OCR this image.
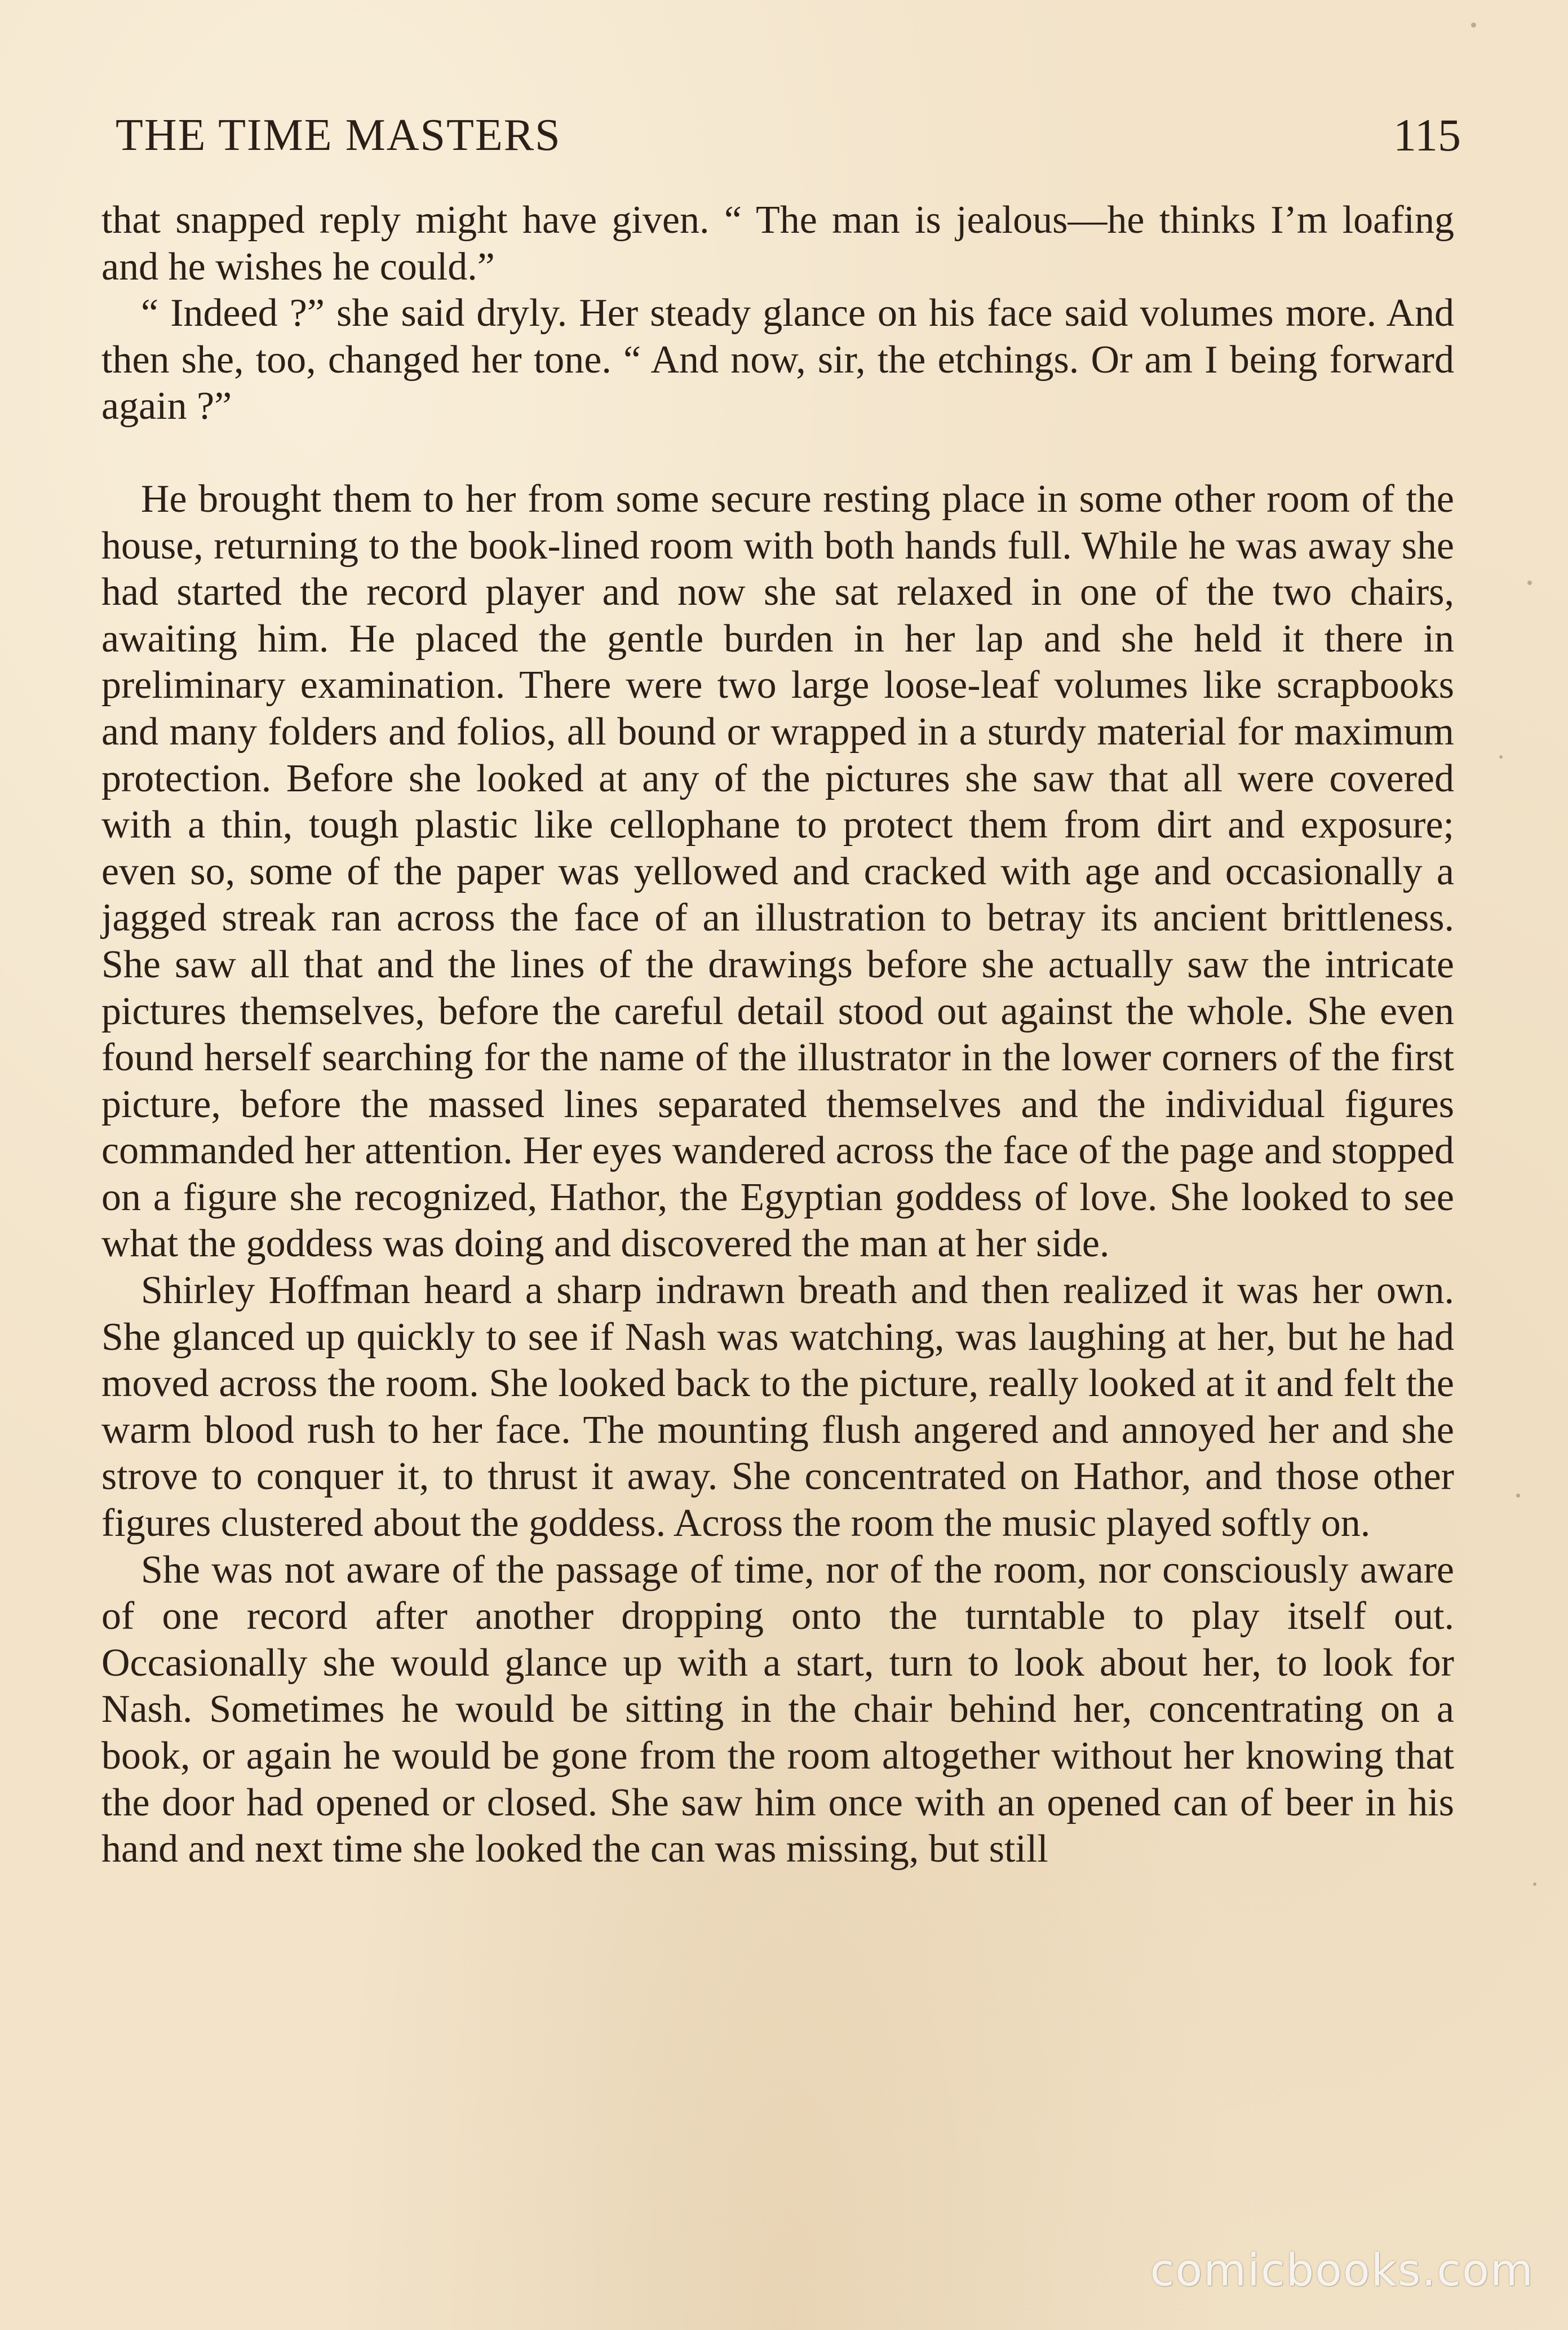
THE TIME MASTERS	115

that snapped reply might have given. “ The man is jealous—he thinks I’m loafing and he wishes he could.”

“ Indeed ?” she said dryly. Her steady glance on his face said volumes more. And then she, too, changed her tone. “ And now, sir, the etchings. Or am I being forward again ?”

He brought them to her from some secure resting place in some other room of the house, returning to the book-lined room with both hands full. While he was away she had started the record player and now she sat relaxed in one of the two chairs, awaiting him. He placed the gentle burden in her lap and she held it there in preliminary examination. There were two large loose-leaf volumes like scrapbooks and many folders and folios, all bound or wrapped in a sturdy material for maximum protection. Before she looked at any of the pictures she saw that all were covered with a thin, tough plastic like cellophane to protect them from dirt and exposure; even so, some of the paper was yellowed and cracked with age and occasionally a jagged streak ran across the face of an illustration to betray its ancient brittleness. She saw all that and the lines of the drawings before she actually saw the intricate pictures themselves, before the careful detail stood out against the whole. She even found herself searching for the name of the illustrator in the lower corners of the first picture, before the massed lines separated themselves and the individual figures commanded her attention. Her eyes wandered across the face of the page and stopped on a figure she recognized, Hathor, the Egyptian goddess of love. She looked to see what the goddess was doing and discovered the man at her side.

Shirley Hoffman heard a sharp indrawn breath and then realized it was her own. She glanced up quickly to see if Nash was watching, was laughing at her, but he had moved across the room. She looked back to the picture, really looked at it and felt the warm blood rush to her face. The mounting flush angered and annoyed her and she strove to conquer it, to thrust it away. She concentrated on Hathor, and those other figures clustered about the goddess. Across the room the music played softly on.

She was not aware of the passage of time, nor of the room, nor consciously aware of one record after another dropping onto the turntable to play itself out. Occasionally she would glance up with a start, turn to look about her, to look for Nash. Sometimes he would be sitting in the chair behind her, concentrating on a book, or again he would be gone from the room altogether without her knowing that the door had opened or closed. She saw him once with an opened can of beer in his hand and next time she looked the can was missing, but still

comicbooks.com
